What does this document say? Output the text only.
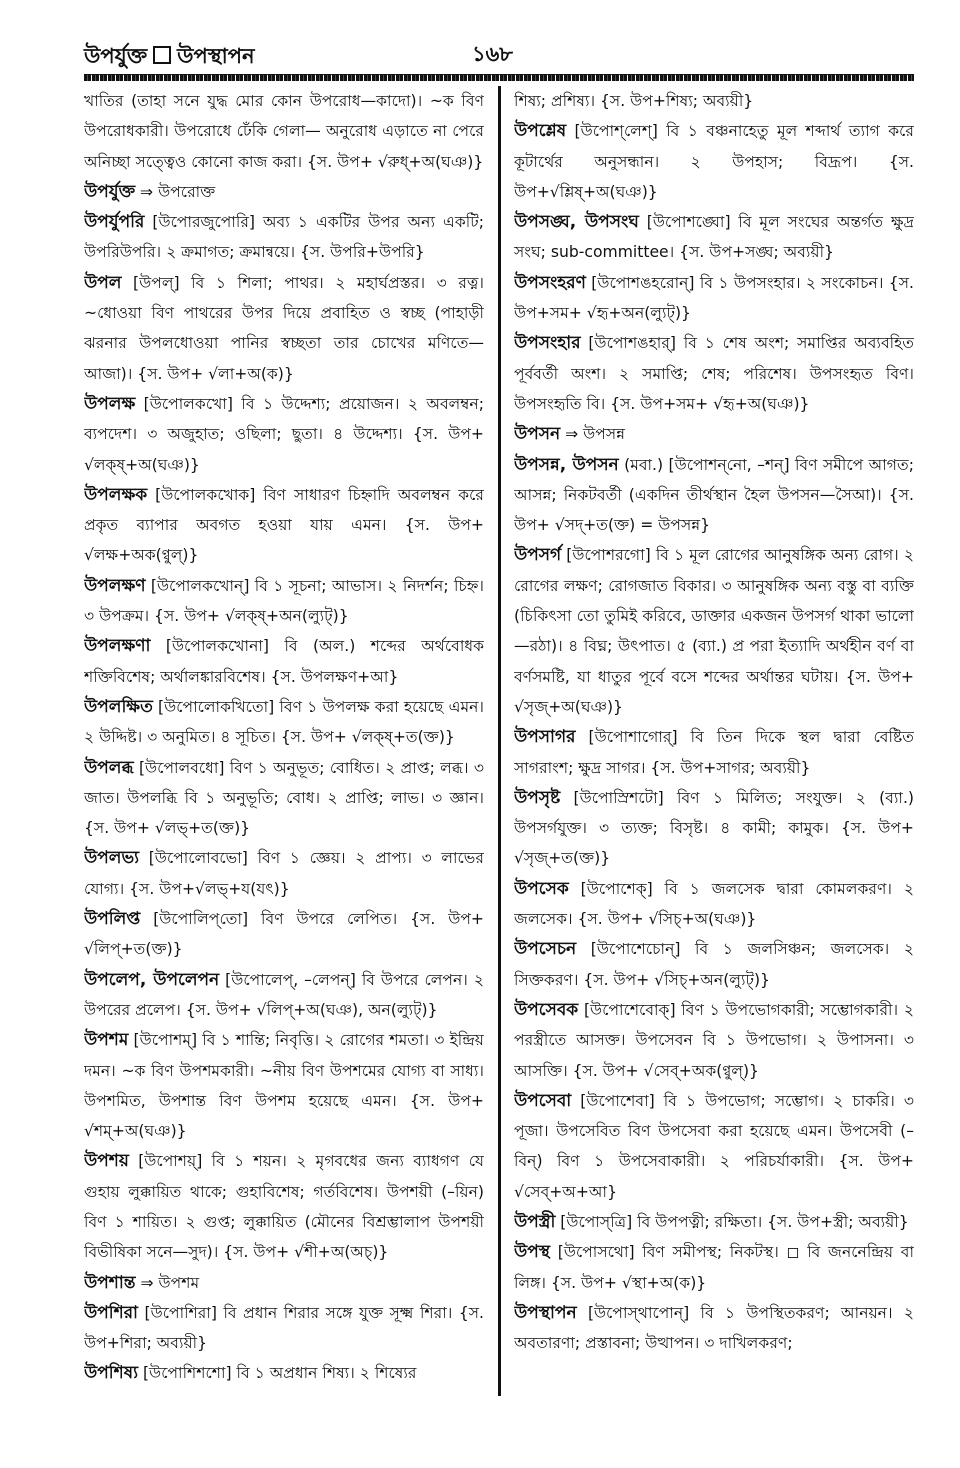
উপর্যুক্ত উপস্থাপন	১৬৮

খাতির (তাহা সনে যুদ্ধ মোর কোন উপরোধ—কাদো)। ~ক বিণ উপরোধকারী। উপরোধে ঢেঁকি গেলা— অনুরোধ এড়াতে না পেরে অনিচ্ছা সত্ত্বেও কোনো কাজ করা। {স. উপ+ √রুধ্+অ(ঘঞ)}

উপর্যুক্ত ⇒ উপরোক্ত

উপর্যুপরি [উপোরজুপোরি] অব্য ১ একটির উপর অন্য একটি; উপরিউপরি। ২ ক্রমাগত; ক্রমান্বয়ে। {স. উপরি+উপরি}

উপল [উপল্] বি ১ শিলা; পাথর। ২ মহার্ঘপ্রস্তর। ৩ রত্ন। ~ধোওয়া বিণ পাথরের উপর দিয়ে প্রবাহিত ও স্বচ্ছ (পাহাড়ী ঝরনার উপলধোওয়া পানির স্বচ্ছতা তার চোখের মণিতে—আজা)। {স. উপ+ √লা+অ(ক)}

উপলক্ষ [উপোলকখো] বি ১ উদ্দেশ্য; প্রয়োজন। ২ অবলম্বন; ব্যপদেশ। ৩ অজুহাত; ওছিলা; ছুতা। ৪ উদ্দেশ্য। {স. উপ+ √লক্ষ্+অ(ঘঞ)}

উপলক্ষক [উপোলকখোক] বিণ সাধারণ চিহ্নাদি অবলম্বন করে প্রকৃত ব্যাপার অবগত হওয়া যায় এমন। {স. উপ+ √লক্ষ+অক(ণ্বুল্)}

উপলক্ষণ [উপোলকখোন্] বি ১ সূচনা; আভাস। ২ নিদর্শন; চিহ্ন। ৩ উপক্রম। {স. উপ+ √লক্ষ্+অন(ল্যুট্)}

উপলক্ষণা [উপোলকখোনা] বি (অল.) শব্দের অর্থবোধক শক্তিবিশেষ; অর্থালঙ্কারবিশেষ। {স. উপলক্ষণ+আ}

উপলক্ষিত [উপোলোকখিতো] বিণ ১ উপলক্ষ করা হয়েছে এমন। ২ উদ্দিষ্ট। ৩ অনুমিত। ৪ সূচিত। {স. উপ+ √লক্ষ্+ত(ক্ত)}

উপলব্ধ [উপোলবধো] বিণ ১ অনুভূত; বোধিত। ২ প্রাপ্ত; লব্ধ। ৩ জাত। উপলব্ধি বি ১ অনুভূতি; বোধ। ২ প্রাপ্তি; লাভ। ৩ জ্ঞান। {স. উপ+ √লভ্+ত(ক্ত)}

উপলভ্য [উপোলোবভো] বিণ ১ জ্ঞেয়। ২ প্রাপ্য। ৩ লাভের যোগ্য। {স. উপ+√লভ্+য(যৎ)}

উপলিপ্ত [উপোলিপ্‌তো] বিণ উপরে লেপিত। {স. উপ+ √লিপ্+ত(ক্ত)}

উপলেপ, উপলেপন [উপোলেপ্, –লেপন্] বি উপরে লেপন। ২ উপরের প্রলেপ। {স. উপ+ √লিপ্+অ(ঘঞ), অন(ল্যুট্)}

উপশম [উপোশম্] বি ১ শান্তি; নিবৃত্তি। ২ রোগের শমতা। ৩ ইন্দ্রিয় দমন। ~ক বিণ উপশমকারী। ~নীয় বিণ উপশমের যোগ্য বা সাধ্য। উপশমিত, উপশান্ত বিণ উপশম হয়েছে এমন। {স. উপ+ √শম্+অ(ঘঞ)}

উপশয় [উপোশয়্] বি ১ শয়ন। ২ মৃগবধের জন্য ব্যাধগণ যে গুহায় লুক্কায়িত থাকে; গুহাবিশেষ; গর্তবিশেষ। উপশয়ী (–য়িন) বিণ ১ শায়িত। ২ গুপ্ত; লুক্কায়িত (মৌনের বিশ্রম্ভালাপ উপশয়ী বিভীষিকা সনে—সুদ)। {স. উপ+ √শী+অ(অচ্)}

উপশান্ত ⇒ উপশম

উপশিরা [উপোশিরা] বি প্রধান শিরার সঙ্গে যুক্ত সূক্ষ্ম শিরা। {স. উপ+শিরা; অব্যয়ী}

উপশিষ্য [উপোশিশশো] বি ১ অপ্রধান শিষ্য। ২ শিষ্যের

শিষ্য; প্রশিষ্য। {স. উপ+শিষ্য; অব্যয়ী}

উপশ্লেষ [উপোশ্‌লেশ্] বি ১ বঞ্চনাহেতু মূল শব্দার্থ ত্যাগ করে কূটার্থের অনুসন্ধান। ২ উপহাস; বিদ্রূপ। {স. উপ+√শ্লিষ্+অ(ঘঞ)}

উপসঙ্ঘ, উপসংঘ [উপোশঙ্ঘো] বি মূল সংঘের অন্তর্গত ক্ষুদ্র সংঘ; sub-committee। {স. উপ+সঙ্ঘ; অব্যয়ী}

উপসংহরণ [উপোশঙহরোন্] বি ১ উপসংহার। ২ সংকোচন। {স. উপ+সম+ √হৃ+অন(ল্যুট্)}

উপসংহার [উপোশঙহার্] বি ১ শেষ অংশ; সমাপ্তির অব্যবহিত পূর্ববর্তী অংশ। ২ সমাপ্তি; শেষ; পরিশেষ। উপসংহৃত বিণ। উপসংহৃতি বি। {স. উপ+সম+ √হৃ+অ(ঘঞ)}

উপসন ⇒ উপসন্ন

উপসন্ন, উপসন (মবা.) [উপোশন্‌নো, –শন্] বিণ সমীপে আগত; আসন্ন; নিকটবর্তী (একদিন তীর্থস্থান হৈল উপসন—সৈআ)। {স. উপ+ √সদ্+ত(ক্ত) = উপসন্ন}

উপসর্গ [উপোশরগো] বি ১ মূল রোগের আনুষঙ্গিক অন্য রোগ। ২ রোগের লক্ষণ; রোগজাত বিকার। ৩ আনুষঙ্গিক অন্য বস্তু বা ব্যক্তি (চিকিৎসা তো তুমিই করিবে, ডাক্তার একজন উপসর্গ থাকা ভালো—রঠা)। ৪ বিঘ্ন; উৎপাত। ৫ (ব্যা.) প্র পরা ইত্যাদি অর্থহীন বর্ণ বা বর্ণসমষ্টি, যা ধাতুর পূর্বে বসে শব্দের অর্থান্তর ঘটায়। {স. উপ+ √সৃজ্+অ(ঘঞ)}

উপসাগর [উপোশাগোর্] বি তিন দিকে স্থল দ্বারা বেষ্টিত সাগরাংশ; ক্ষুদ্র সাগর। {স. উপ+সাগর; অব্যয়ী}

উপসৃষ্ট [উপোস্রিশটো] বিণ ১ মিলিত; সংযুক্ত। ২ (ব্যা.) উপসর্গযুক্ত। ৩ ত্যক্ত; বিসৃষ্ট। ৪ কামী; কামুক। {স. উপ+ √সৃজ্+ত(ক্ত)}

উপসেক [উপোশেক্] বি ১ জলসেক দ্বারা কোমলকরণ। ২ জলসেক। {স. উপ+ √সিচ্+অ(ঘঞ)}

উপসেচন [উপোশেচোন্] বি ১ জলসিঞ্চন; জলসেক। ২ সিক্তকরণ। {স. উপ+ √সিচ্+অন(ল্যুট্)}

উপসেবক [উপোশেবোক্] বিণ ১ উপভোগকারী; সম্ভোগকারী। ২ পরস্ত্রীতে আসক্ত। উপসেবন বি ১ উপভোগ। ২ উপাসনা। ৩ আসক্তি। {স. উপ+ √সেব্+অক(ণ্বুল্)}

উপসেবা [উপোশেবা] বি ১ উপভোগ; সম্ভোগ। ২ চাকরি। ৩ পূজা। উপসেবিত বিণ উপসেবা করা হয়েছে এমন। উপসেবী (–বিন্) বিণ ১ উপসেবাকারী। ২ পরিচর্যাকারী। {স. উপ+ √সেব্+অ+আ}

উপস্ত্রী [উপোস্‌ত্রি] বি উপপত্নী; রক্ষিতা। {স. উপ+স্ত্রী; অব্যয়ী}

উপস্থ [উপোসথো] বিণ সমীপস্থ; নিকটস্থ। ◻ বি জননেন্দ্রিয় বা লিঙ্গ। {স. উপ+ √স্থা+অ(ক)}

উপস্থাপন [উপোস্‌থাপোন্] বি ১ উপস্থিতকরণ; আনয়ন। ২ অবতারণা; প্রস্তাবনা; উত্থাপন। ৩ দাখিলকরণ;
